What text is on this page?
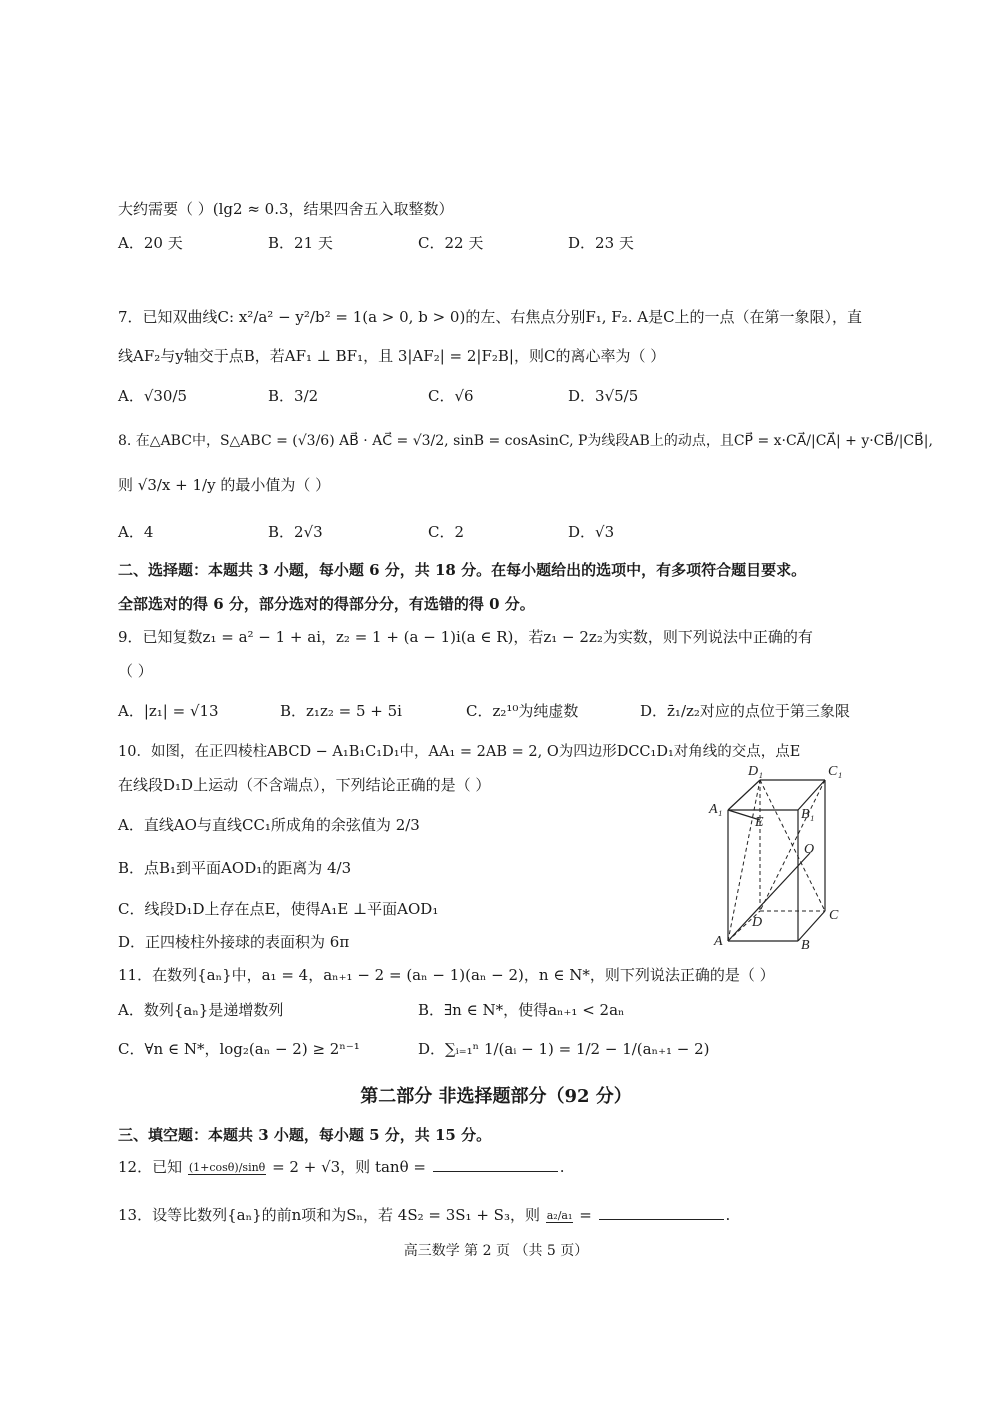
大约需要（ ）(lg2 ≈ 0.3，结果四舍五入取整数）
A．20 天	B．21 天	C．22 天	D．23 天
7．已知双曲线C: x²/a² − y²/b² = 1(a > 0, b > 0)的左、右焦点分别F₁, F₂. A是C上的一点（在第一象限），直
线AF₂与y轴交于点B，若AF₁ ⊥ BF₁，且 3|AF₂| = 2|F₂B|，则C的离心率为（ ）
A．√30/5	B．3/2	C．√6	D．3√5/5
8. 在△ABC中，S△ABC = (√3/6) AB⃗ · AC⃗ = √3/2, sinB = cosAsinC, P为线段AB上的动点，且CP⃗ = x·CA⃗/|CA⃗| + y·CB⃗/|CB⃗|,
则 √3/x + 1/y 的最小值为（ ）
A．4	B．2√3	C．2	D．√3
二、选择题：本题共 3 小题，每小题 6 分，共 18 分。在每小题给出的选项中，有多项符合题目要求。
全部选对的得 6 分，部分选对的得部分分，有选错的得 0 分。
9．已知复数z₁ = a² − 1 + ai，z₂ = 1 + (a − 1)i(a ∈ R)，若z₁ − 2z₂为实数，则下列说法中正确的有
（ ）
A．|z₁| = √13	B．z₁z₂ = 5 + 5i	C．z₂¹⁰为纯虚数	D．z̄₁/z₂对应的点位于第三象限
10．如图，在正四棱柱ABCD − A₁B₁C₁D₁中，AA₁ = 2AB = 2, O为四边形DCC₁D₁对角线的交点，点E
在线段D₁D上运动（不含端点），下列结论正确的是（ ）
A．直线AO与直线CC₁所成角的余弦值为 2/3
B．点B₁到平面AOD₁的距离为 4/3
C．线段D₁D上存在点E，使得A₁E ⊥平面AOD₁
D．正四棱柱外接球的表面积为 6π
D₁	C₁
A₁	B₁
E
O
D	C
A	B
11．在数列{aₙ}中，a₁ = 4，aₙ₊₁ − 2 = (aₙ − 1)(aₙ − 2)，n ∈ N*，则下列说法正确的是（ ）
A．数列{aₙ}是递增数列	B．∃n ∈ N*，使得aₙ₊₁ < 2aₙ
C．∀n ∈ N*，log₂(aₙ − 2) ≥ 2ⁿ⁻¹	D．∑ᵢ₌₁ⁿ 1/(aᵢ − 1) = 1/2 − 1/(aₙ₊₁ − 2)
第二部分 非选择题部分（92 分）
三、填空题：本题共 3 小题，每小题 5 分，共 15 分。
12．已知 (1+cosθ)/sinθ = 2 + √3，则 tanθ =	.
13．设等比数列{aₙ}的前n项和为Sₙ，若 4S₂ = 3S₁ + S₃，则 a₂/a₁ =	.
高三数学 第 2 页 （共 5 页）
